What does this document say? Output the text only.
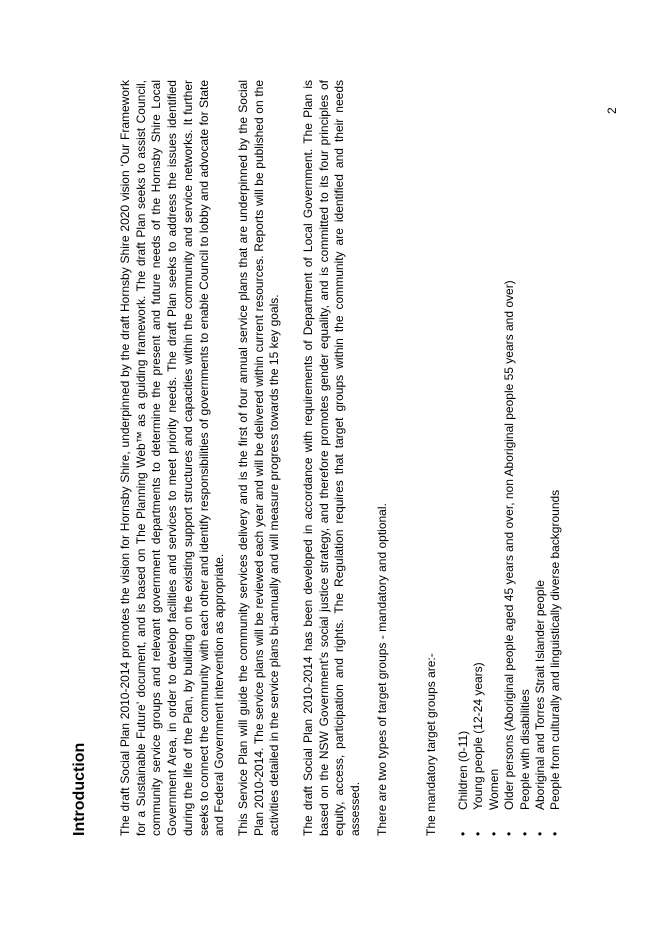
Introduction	The draft Social Plan 2010-2014 promotes the vision for Hornsby Shire, underpinned by the draft Hornsby Shire 2020 vision ‘Our Framework for a Sustainable Future’ document, and is based on The Planning Web™ as a guiding framework. The draft Plan seeks to assist Council, community service groups and relevant government departments to determine the present and future needs of the Hornsby Shire Local Government Area, in order to develop facilities and services to meet priority needs. The draft Plan seeks to address the issues identified during the life of the Plan, by building on the existing support structures and capacities within the community and service networks. It further seeks to connect the community with each other and identify responsibilities of governments to enable Council to lobby and advocate for State and Federal Government intervention as appropriate. This Service Plan will guide the community services delivery and is the first of four annual service plans that are underpinned by the Social Plan 2010-2014. The service plans will be reviewed each year and will be delivered within current resources. Reports will be published on the activities detailed in the service plans bi-annually and will measure progress towards the 15 key goals. The draft Social Plan 2010-2014 has been developed in accordance with requirements of Department of Local Government. The Plan is based on the NSW Government’s social justice strategy, and therefore promotes gender equality, and is committed to its four principles of equity, access, participation and rights. The Regulation requires that target groups within the community are identified and their needs assessed. There are two types of target groups - mandatory and optional.	The mandatory target groups are:- •
Children (0-11)
•
Young people (12-24 years)
•
Women
•
Older persons (Aboriginal people aged 45 years and over, non Aboriginal people 55 years and over)
•
People with disabilities
•
Aboriginal and Torres Strait Islander people
•
People from culturally and linguistically diverse backgrounds
2
